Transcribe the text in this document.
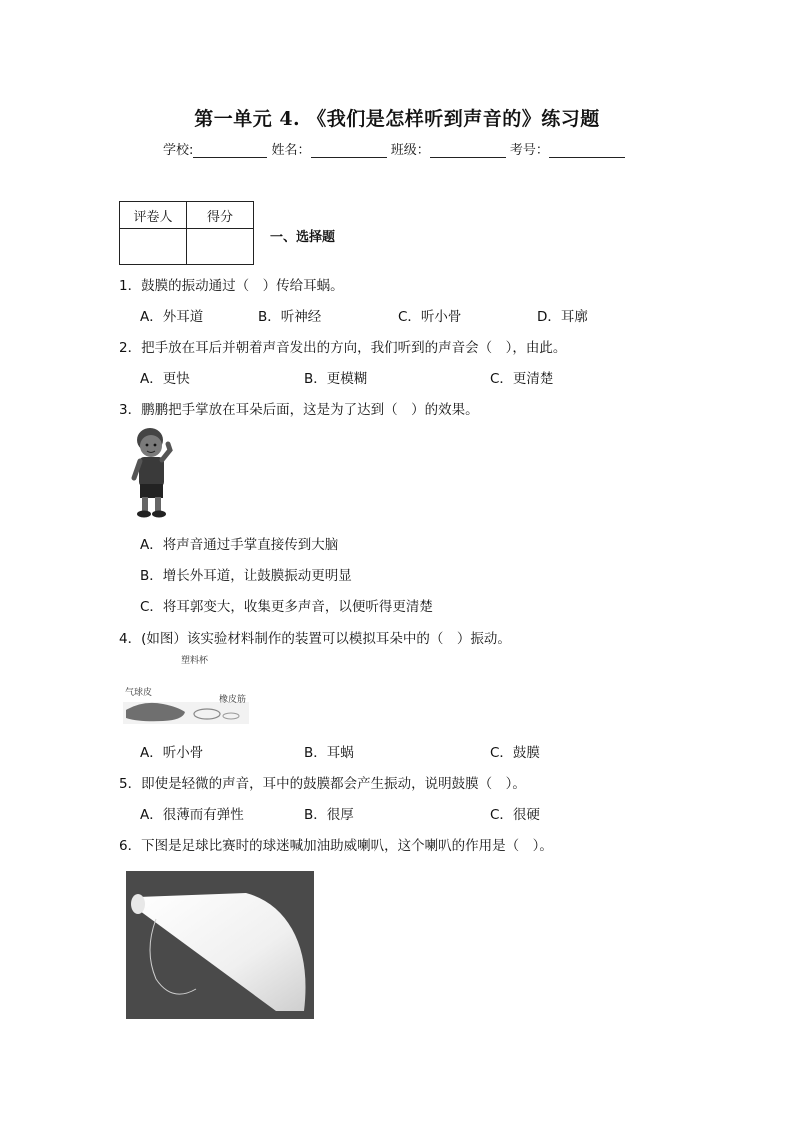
第一单元 4. 《我们是怎样听到声音的》练习题
学校:	姓名：	班级：	考号：
评卷人	得分

一、选择题
1．鼓膜的振动通过（　）传给耳蜗。
A．外耳道	B．听神经	C．听小骨	D．耳廓
2．把手放在耳后并朝着声音发出的方向，我们听到的声音会（　），由此。
A．更快	B．更模糊	C．更清楚
3．鹏鹏把手掌放在耳朵后面，这是为了达到（　）的效果。
A．将声音通过手掌直接传到大脑
B．增长外耳道，让鼓膜振动更明显
C．将耳郭变大，收集更多声音，以便听得更清楚
4．(如图）该实验材料制作的装置可以模拟耳朵中的（　）振动。
塑料杯
气球皮
橡皮筋
A．听小骨	B．耳蜗	C．鼓膜
5．即使是轻微的声音，耳中的鼓膜都会产生振动，说明鼓膜（　）。
A．很薄而有弹性	B．很厚	C．很硬
6．下图是足球比赛时的球迷喊加油助威喇叭，这个喇叭的作用是（　）。
